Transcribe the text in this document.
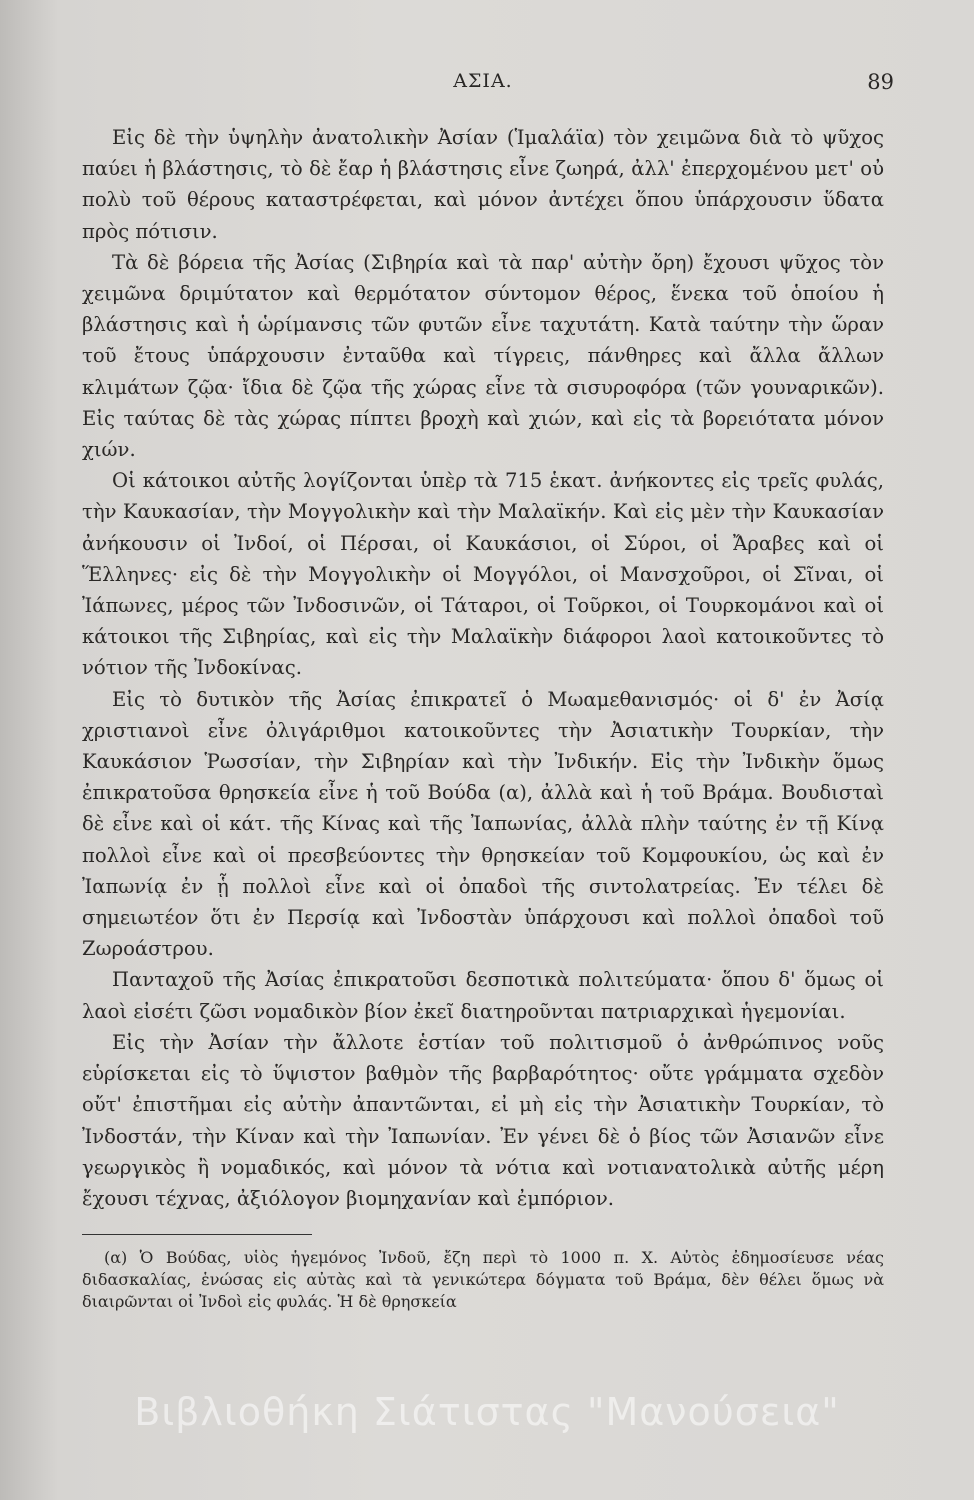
ΑΣΙΑ.	89

Εἰς δὲ τὴν ὑψηλὴν ἀνατολικὴν Ἀσίαν (Ἱμαλάϊα) τὸν χειμῶνα διὰ τὸ ψῦχος παύει ἡ βλάστησις, τὸ δὲ ἔαρ ἡ βλάστησις εἶνε ζωηρά, ἀλλ' ἐπερχομένου μετ' οὐ πολὺ τοῦ θέρους καταστρέφεται, καὶ μόνον ἀντέχει ὅπου ὑπάρχουσιν ὕδατα πρὸς πότισιν.

Τὰ δὲ βόρεια τῆς Ἀσίας (Σιβηρία καὶ τὰ παρ' αὐτὴν ὄρη) ἔχουσι ψῦχος τὸν χειμῶνα δριμύτατον καὶ θερμότατον σύντομον θέρος, ἕνεκα τοῦ ὁποίου ἡ βλάστησις καὶ ἡ ὡρίμανσις τῶν φυτῶν εἶνε ταχυτάτη. Κατὰ ταύτην τὴν ὥραν τοῦ ἔτους ὑπάρχουσιν ἐνταῦθα καὶ τίγρεις, πάνθηρες καὶ ἄλλα ἄλλων κλιμάτων ζῷα· ἴδια δὲ ζῷα τῆς χώρας εἶνε τὰ σισυροφόρα (τῶν γουναρικῶν). Εἰς ταύτας δὲ τὰς χώρας πίπτει βροχὴ καὶ χιών, καὶ εἰς τὰ βορειότατα μόνον χιών.

Οἱ κάτοικοι αὐτῆς λογίζονται ὑπὲρ τὰ 715 ἑκατ. ἀνήκοντες εἰς τρεῖς φυλάς, τὴν Καυκασίαν, τὴν Μογγολικὴν καὶ τὴν Μαλαϊκήν. Καὶ εἰς μὲν τὴν Καυκασίαν ἀνήκουσιν οἱ Ἰνδοί, οἱ Πέρσαι, οἱ Καυκάσιοι, οἱ Σύροι, οἱ Ἄραβες καὶ οἱ Ἕλληνες· εἰς δὲ τὴν Μογγολικὴν οἱ Μογγόλοι, οἱ Μανσχοῦροι, οἱ Σῖναι, οἱ Ἰάπωνες, μέρος τῶν Ἰνδοσινῶν, οἱ Τάταροι, οἱ Τοῦρκοι, οἱ Τουρκομάνοι καὶ οἱ κάτοικοι τῆς Σιβηρίας, καὶ εἰς τὴν Μαλαϊκὴν διάφοροι λαοὶ κατοικοῦντες τὸ νότιον τῆς Ἰνδοκίνας.

Εἰς τὸ δυτικὸν τῆς Ἀσίας ἐπικρατεῖ ὁ Μωαμεθανισμός· οἱ δ' ἐν Ἀσίᾳ χριστιανοὶ εἶνε ὀλιγάριθμοι κατοικοῦντες τὴν Ἀσιατικὴν Τουρκίαν, τὴν Καυκάσιον Ῥωσσίαν, τὴν Σιβηρίαν καὶ τὴν Ἰνδικήν. Εἰς τὴν Ἰνδικὴν ὅμως ἐπικρατοῦσα θρησκεία εἶνε ἡ τοῦ Βούδα (α), ἀλλὰ καὶ ἡ τοῦ Βράμα. Βουδισταὶ δὲ εἶνε καὶ οἱ κάτ. τῆς Κίνας καὶ τῆς Ἰαπωνίας, ἀλλὰ πλὴν ταύτης ἐν τῇ Κίνᾳ πολλοὶ εἶνε καὶ οἱ πρεσβεύοντες τὴν θρησκείαν τοῦ Κομφουκίου, ὡς καὶ ἐν Ἰαπωνίᾳ ἐν ᾗ πολλοὶ εἶνε καὶ οἱ ὀπαδοὶ τῆς σιντολατρείας. Ἐν τέλει δὲ σημειωτέον ὅτι ἐν Περσίᾳ καὶ Ἰνδοστὰν ὑπάρχουσι καὶ πολλοὶ ὀπαδοὶ τοῦ Ζωροάστρου.

Πανταχοῦ τῆς Ἀσίας ἐπικρατοῦσι δεσποτικὰ πολιτεύματα· ὅπου δ' ὅμως οἱ λαοὶ εἰσέτι ζῶσι νομαδικὸν βίον ἐκεῖ διατηροῦνται πατριαρχικαὶ ἡγεμονίαι.

Εἰς τὴν Ἀσίαν τὴν ἄλλοτε ἑστίαν τοῦ πολιτισμοῦ ὁ ἀνθρώπινος νοῦς εὑρίσκεται εἰς τὸ ὕψιστον βαθμὸν τῆς βαρβαρότητος· οὔτε γράμματα σχεδὸν οὔτ' ἐπιστῆμαι εἰς αὐτὴν ἀπαντῶνται, εἰ μὴ εἰς τὴν Ἀσιατικὴν Τουρκίαν, τὸ Ἰνδοστάν, τὴν Κίναν καὶ τὴν Ἰαπωνίαν. Ἐν γένει δὲ ὁ βίος τῶν Ἀσιανῶν εἶνε γεωργικὸς ἢ νομαδικός, καὶ μόνον τὰ νότια καὶ νοτιανατολικὰ αὐτῆς μέρη ἔχουσι τέχνας, ἀξιόλογον βιομηχανίαν καὶ ἐμπόριον.

(α) Ὁ Βούδας, υἱὸς ἡγεμόνος Ἰνδοῦ, ἔζη περὶ τὸ 1000 π. Χ. Αὐτὸς ἐδημοσίευσε νέας διδασκαλίας, ἑνώσας εἰς αὐτὰς καὶ τὰ γενικώτερα δόγματα τοῦ Βράμα, δὲν θέλει ὅμως νὰ διαιρῶνται οἱ Ἰνδοὶ εἰς φυλάς. Ἡ δὲ θρησκεία

Βιβλιοθήκη Σιάτιστας "Μανούσεια"
